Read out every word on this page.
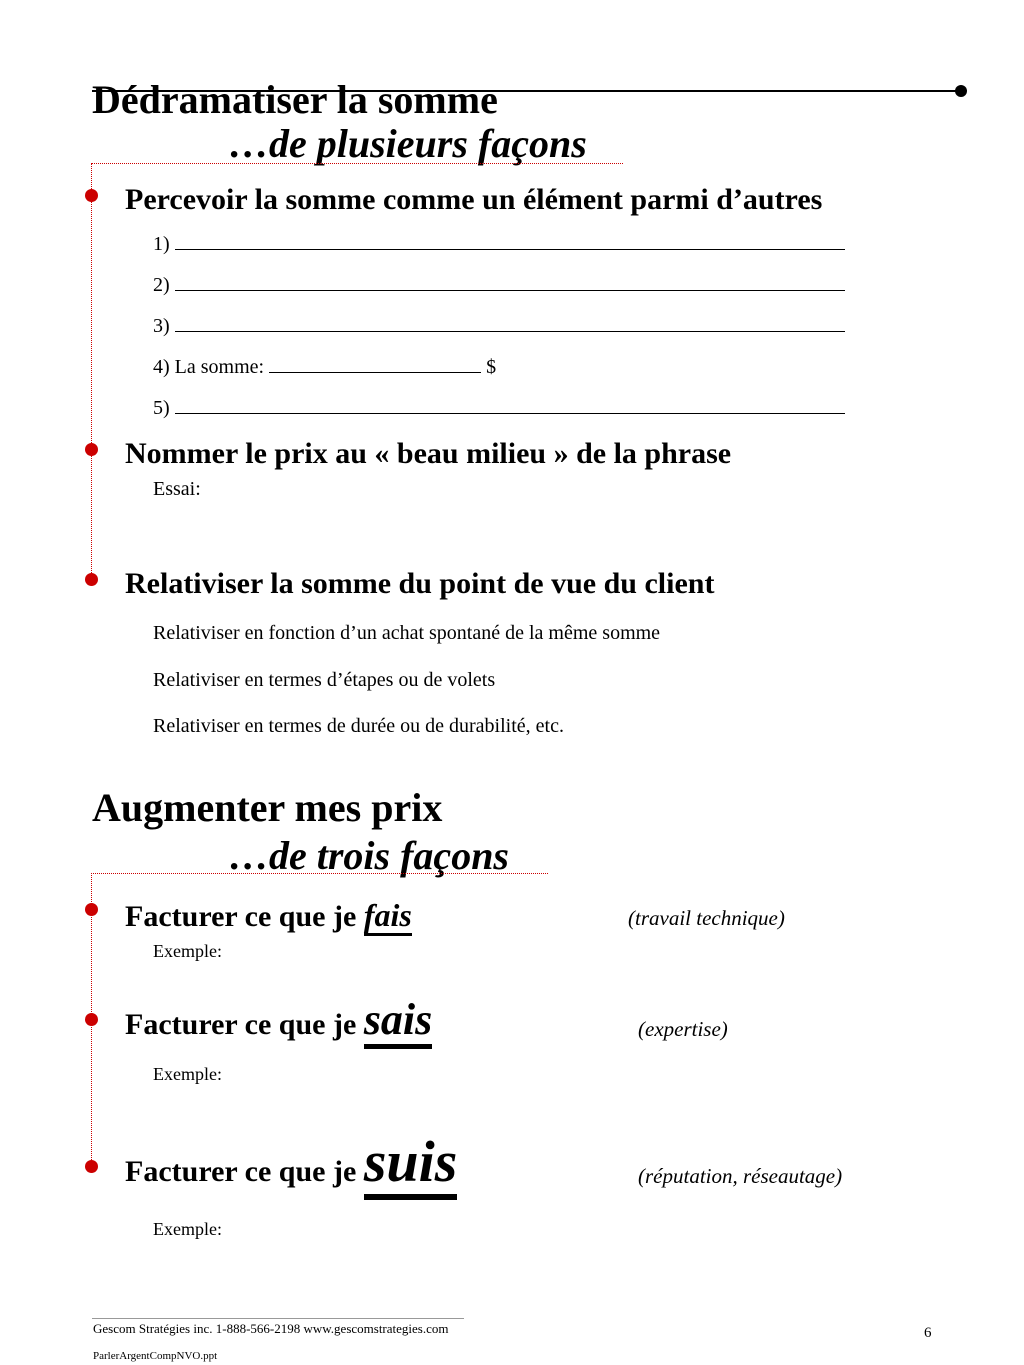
Dédramatiser la somme
…de plusieurs façons
Percevoir la somme comme un élément parmi d’autres
1)
2)
3)
4) La somme:	$
5)
Nommer le prix au « beau milieu » de la phrase
Essai:
Relativiser la somme du point de vue du client
Relativiser en fonction d’un achat spontané de la même somme
Relativiser en termes d’étapes ou de volets
Relativiser en termes de durée ou de durabilité, etc.
Augmenter mes prix
…de trois façons
Facturer ce que je fais	(travail technique)
Exemple:
Facturer ce que je sais	(expertise)
Exemple:
Facturer ce que je suis	(réputation, réseautage)
Exemple:
Gescom Stratégies inc. 1-888-566-2198 www.gescomstrategies.com	6
ParlerArgentCompNVO.ppt
